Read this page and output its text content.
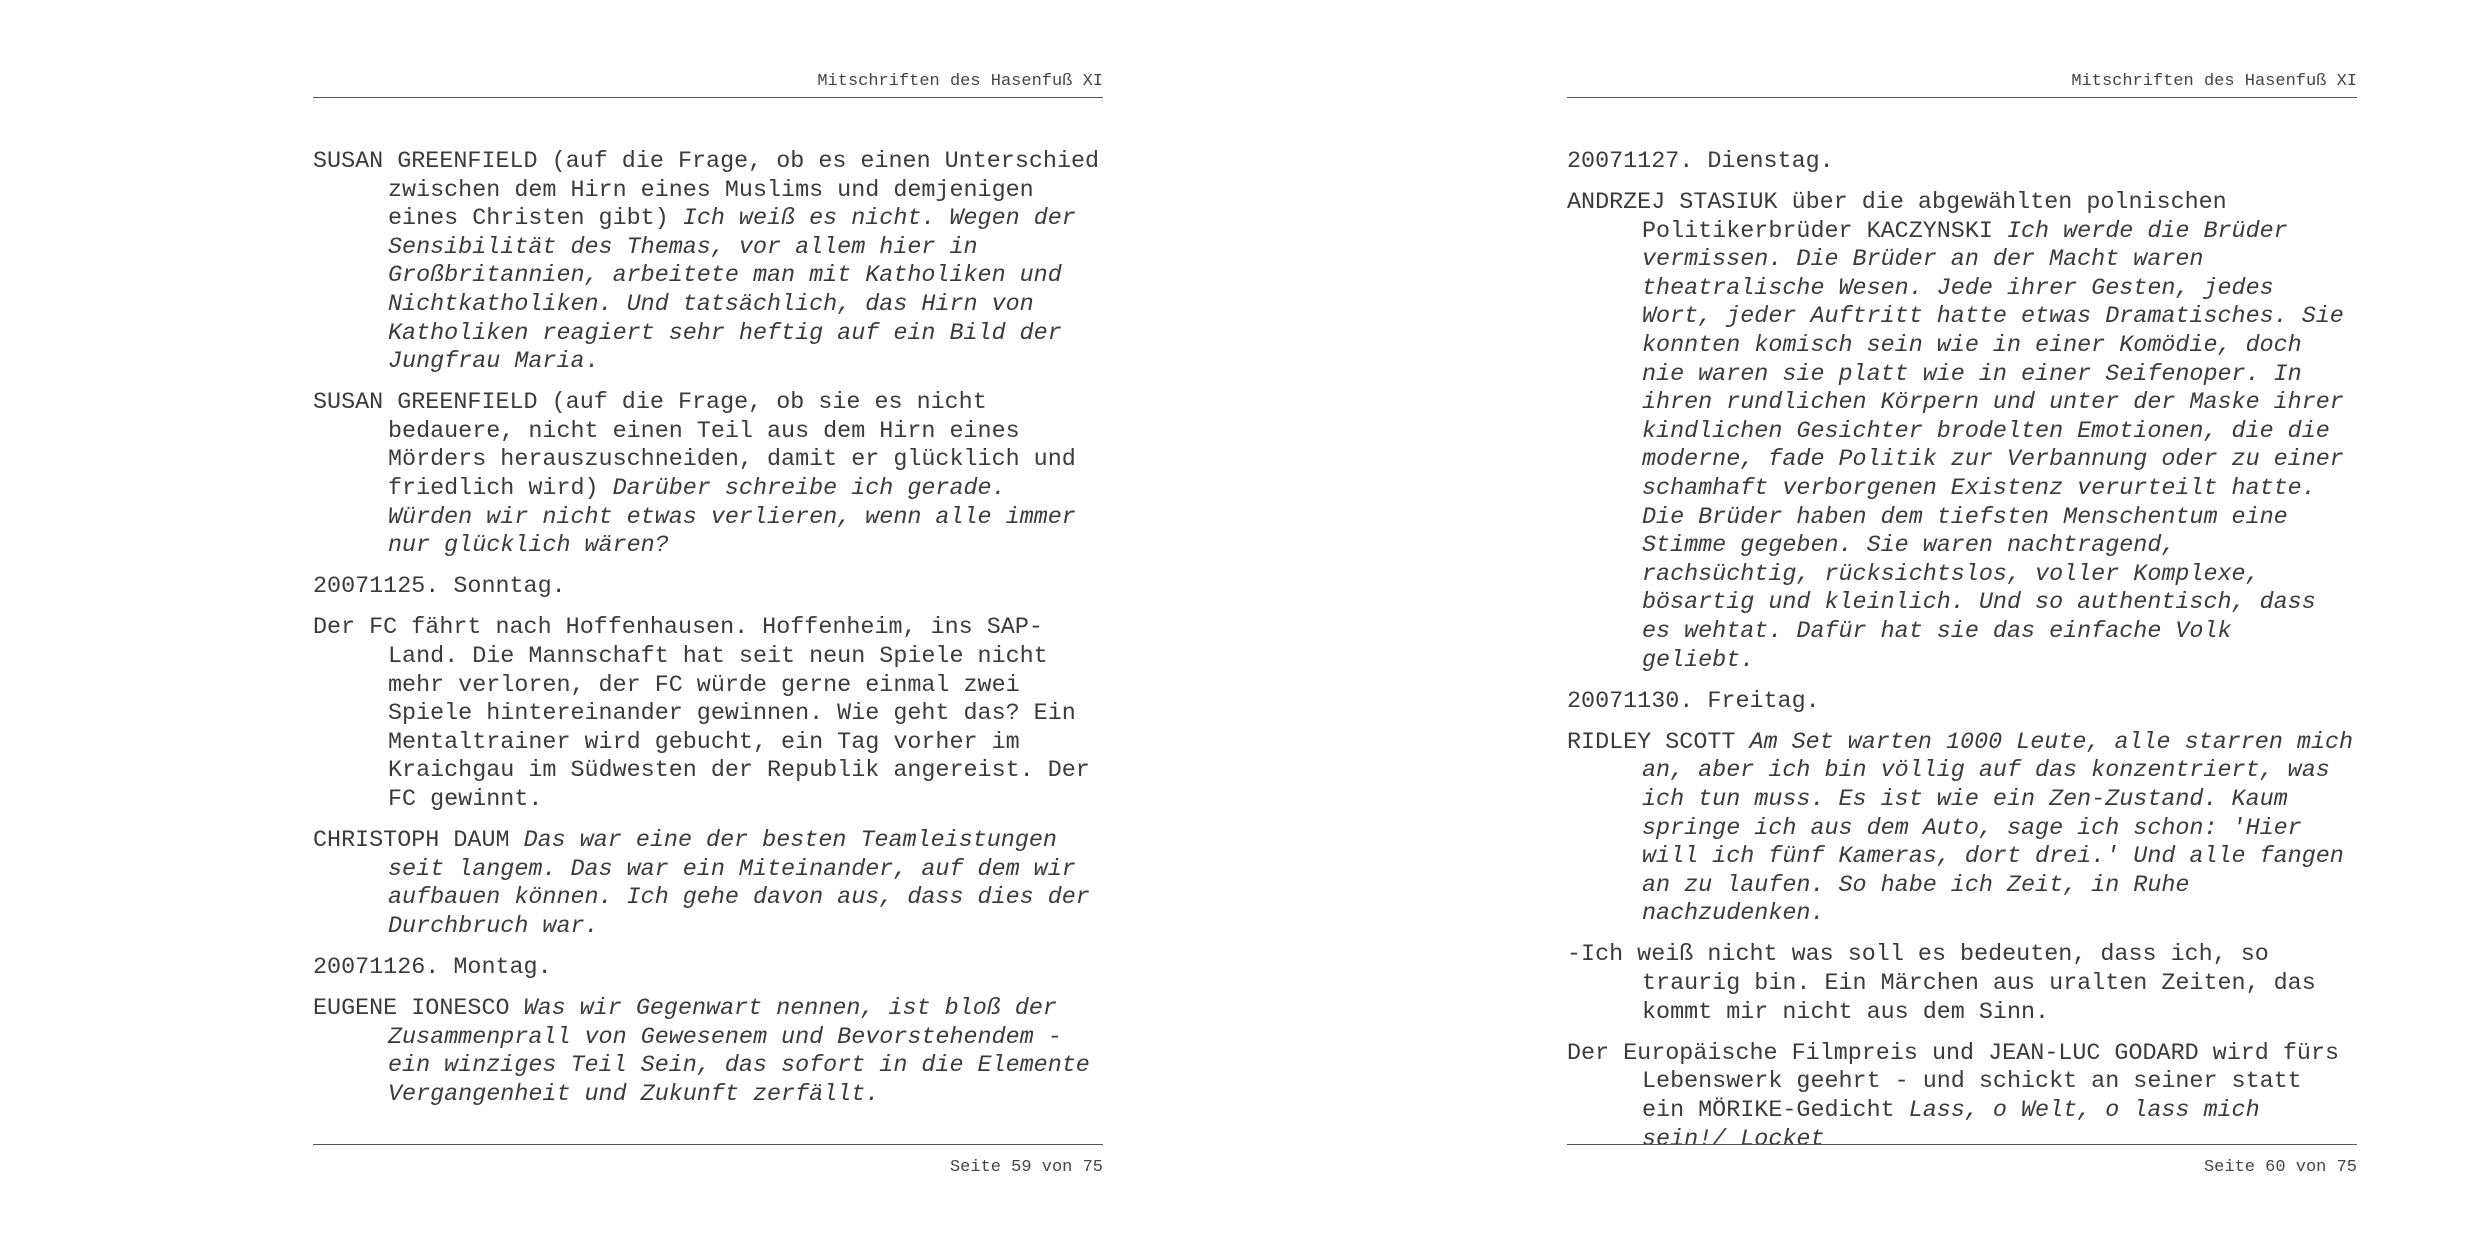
Mitschriften des Hasenfuß XI

SUSAN GREENFIELD (auf die Frage, ob es einen Unterschied zwischen dem Hirn eines Muslims und demjenigen eines Christen gibt) Ich weiß es nicht. Wegen der Sensibilität des Themas, vor allem hier in Großbritannien, arbeitete man mit Katholiken und Nichtkatholiken. Und tatsächlich, das Hirn von Katholiken reagiert sehr heftig auf ein Bild der Jungfrau Maria.

SUSAN GREENFIELD (auf die Frage, ob sie es nicht bedauere, nicht einen Teil aus dem Hirn eines Mörders herauszuschneiden, damit er glücklich und friedlich wird) Darüber schreibe ich gerade. Würden wir nicht etwas verlieren, wenn alle immer nur glücklich wären?

20071125. Sonntag.

Der FC fährt nach Hoffenhausen. Hoffenheim, ins SAP-Land. Die Mannschaft hat seit neun Spiele nicht mehr verloren, der FC würde gerne einmal zwei Spiele hintereinander gewinnen. Wie geht das? Ein Mentaltrainer wird gebucht, ein Tag vorher im Kraichgau im Südwesten der Republik angereist. Der FC gewinnt.

CHRISTOPH DAUM Das war eine der besten Teamleistungen seit langem. Das war ein Miteinander, auf dem wir aufbauen können. Ich gehe davon aus, dass dies der Durchbruch war.

20071126. Montag.

EUGENE IONESCO Was wir Gegenwart nennen, ist bloß der Zusammenprall von Gewesenem und Bevorstehendem - ein winziges Teil Sein, das sofort in die Elemente Vergangenheit und Zukunft zerfällt.

Seite 59 von 75
Mitschriften des Hasenfuß XI

20071127. Dienstag.

ANDRZEJ STASIUK über die abgewählten polnischen Politikerbrüder KACZYNSKI Ich werde die Brüder vermissen. Die Brüder an der Macht waren theatralische Wesen. Jede ihrer Gesten, jedes Wort, jeder Auftritt hatte etwas Dramatisches. Sie konnten komisch sein wie in einer Komödie, doch nie waren sie platt wie in einer Seifenoper. In ihren rundlichen Körpern und unter der Maske ihrer kindlichen Gesichter brodelten Emotionen, die die moderne, fade Politik zur Verbannung oder zu einer schamhaft verborgenen Existenz verurteilt hatte. Die Brüder haben dem tiefsten Menschentum eine Stimme gegeben. Sie waren nachtragend, rachsüchtig, rücksichtslos, voller Komplexe, bösartig und kleinlich. Und so authentisch, dass es wehtat. Dafür hat sie das einfache Volk geliebt.

20071130. Freitag.

RIDLEY SCOTT Am Set warten 1000 Leute, alle starren mich an, aber ich bin völlig auf das konzentriert, was ich tun muss. Es ist wie ein Zen-Zustand. Kaum springe ich aus dem Auto, sage ich schon: 'Hier will ich fünf Kameras, dort drei.' Und alle fangen an zu laufen. So habe ich Zeit, in Ruhe nachzudenken.

-Ich weiß nicht was soll es bedeuten, dass ich, so traurig bin. Ein Märchen aus uralten Zeiten, das kommt mir nicht aus dem Sinn.

Der Europäische Filmpreis und JEAN-LUC GODARD wird fürs Lebenswerk geehrt - und schickt an seiner statt ein MÖRIKE-Gedicht Lass, o Welt, o lass mich sein!/ Locket

Seite 60 von 75
